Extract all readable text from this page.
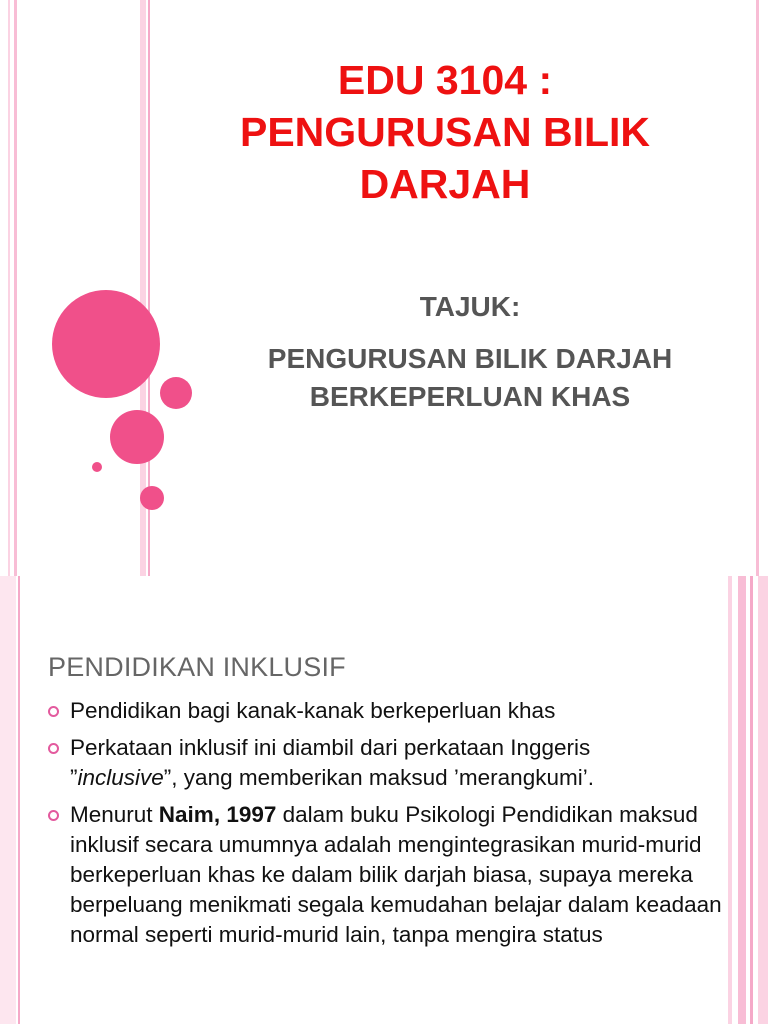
EDU 3104 :
PENGURUSAN BILIK
DARJAH
TAJUK:
PENGURUSAN BILIK DARJAH
BERKEPERLUAN KHAS
PENDIDIKAN INKLUSIF
Pendidikan bagi kanak-kanak berkeperluan khas
Perkataan inklusif ini diambil dari perkataan Inggeris
”inclusive”, yang memberikan maksud ’merangkumi’.
Menurut Naim, 1997 dalam buku Psikologi Pendidikan maksud inklusif secara umumnya adalah mengintegrasikan murid-murid berkeperluan khas ke dalam bilik darjah biasa, supaya mereka berpeluang menikmati segala kemudahan belajar dalam keadaan normal seperti murid-murid lain, tanpa mengira status
